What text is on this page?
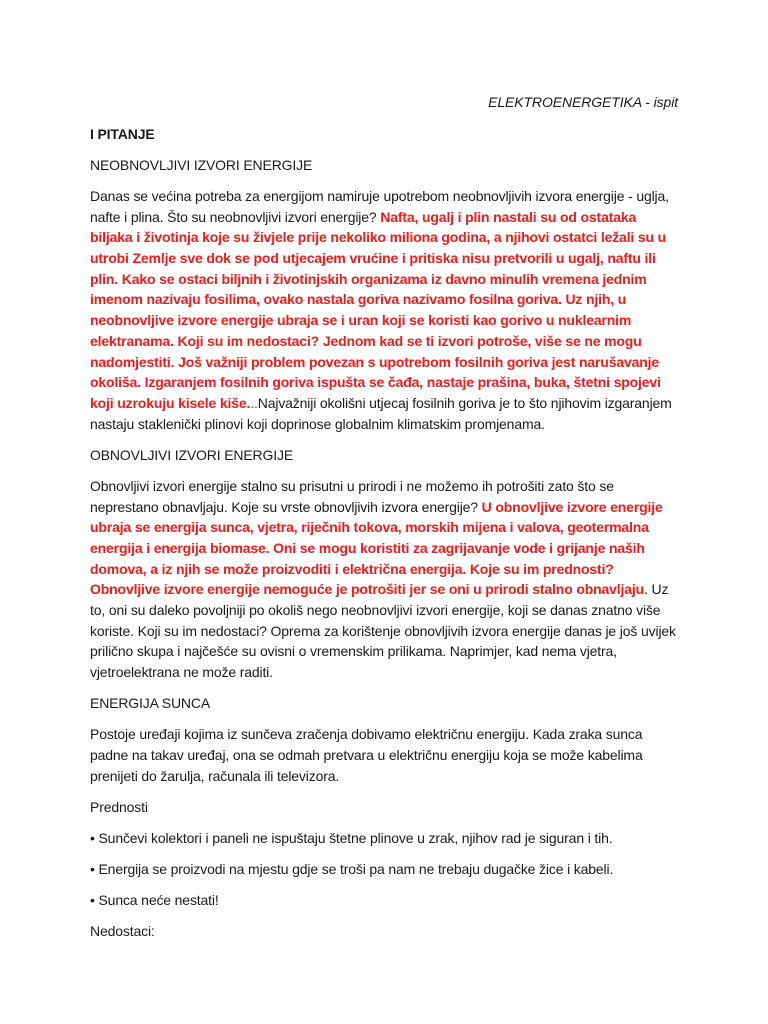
ELEKTROENERGETIKA - ispit

I PITANJE

NEOBNOVLJIVI IZVORI ENERGIJE

Danas se većina potreba za energijom namiruje upotrebom neobnovljivih izvora energije - uglja, nafte i plina. Što su neobnovljivi izvori energije? Nafta, ugalj i plin nastali su od ostataka biljaka i životinja koje su živjele prije nekoliko miliona godina, a njihovi ostatci ležali su u utrobi Zemlje sve dok se pod utjecajem vrućine i pritiska nisu pretvorili u ugalj, naftu ili plin. Kako se ostaci biljnih i životinjskih organizama iz davno minulih vremena jednim imenom nazivaju fosilima, ovako nastala goriva nazivamo fosilna goriva. Uz njih, u neobnovljive izvore energije ubraja se i uran koji se koristi kao gorivo u nuklearnim elektranama. Koji su im nedostaci? Jednom kad se ti izvori potroše, više se ne mogu nadomjestiti. Još važniji problem povezan s upotrebom fosilnih goriva jest narušavanje okoliša. Izgaranjem fosilnih goriva ispušta se čađa, nastaje prašina, buka, štetni spojevi koji uzrokuju kisele kiše...Najvažniji okolišni utjecaj fosilnih goriva je to što njihovim izgaranjem nastaju staklenički plinovi koji doprinose globalnim klimatskim promjenama.

OBNOVLJIVI IZVORI ENERGIJE

Obnovljivi izvori energije stalno su prisutni u prirodi i ne možemo ih potrošiti zato što se neprestano obnavljaju. Koje su vrste obnovljivih izvora energije? U obnovljive izvore energije ubraja se energija sunca, vjetra, riječnih tokova, morskih mijena i valova, geotermalna energija i energija biomase. Oni se mogu koristiti za zagrijavanje vode i grijanje naših domova, a iz njih se može proizvoditi i električna energija. Koje su im prednosti? Obnovljive izvore energije nemoguće je potrošiti jer se oni u prirodi stalno obnavljaju. Uz to, oni su daleko povoljniji po okoliš nego neobnovljivi izvori energije, koji se danas znatno više koriste. Koji su im nedostaci? Oprema za korištenje obnovljivih izvora energije danas je još uvijek prilično skupa i najčešće su ovisni o vremenskim prilikama. Naprimjer, kad nema vjetra, vjetroelektrana ne može raditi.

ENERGIJA SUNCA

Postoje uređaji kojima iz sunčeva zračenja dobivamo električnu energiju. Kada zraka sunca padne na takav uređaj, ona se odmah pretvara u električnu energiju koja se može kabelima prenijeti do žarulja, računala ili televizora.

Prednosti

• Sunčevi kolektori i paneli ne ispuštaju štetne plinove u zrak, njihov rad je siguran i tih.

• Energija se proizvodi na mjestu gdje se troši pa nam ne trebaju dugačke žice i kabeli.

• Sunca neće nestati!

Nedostaci:
